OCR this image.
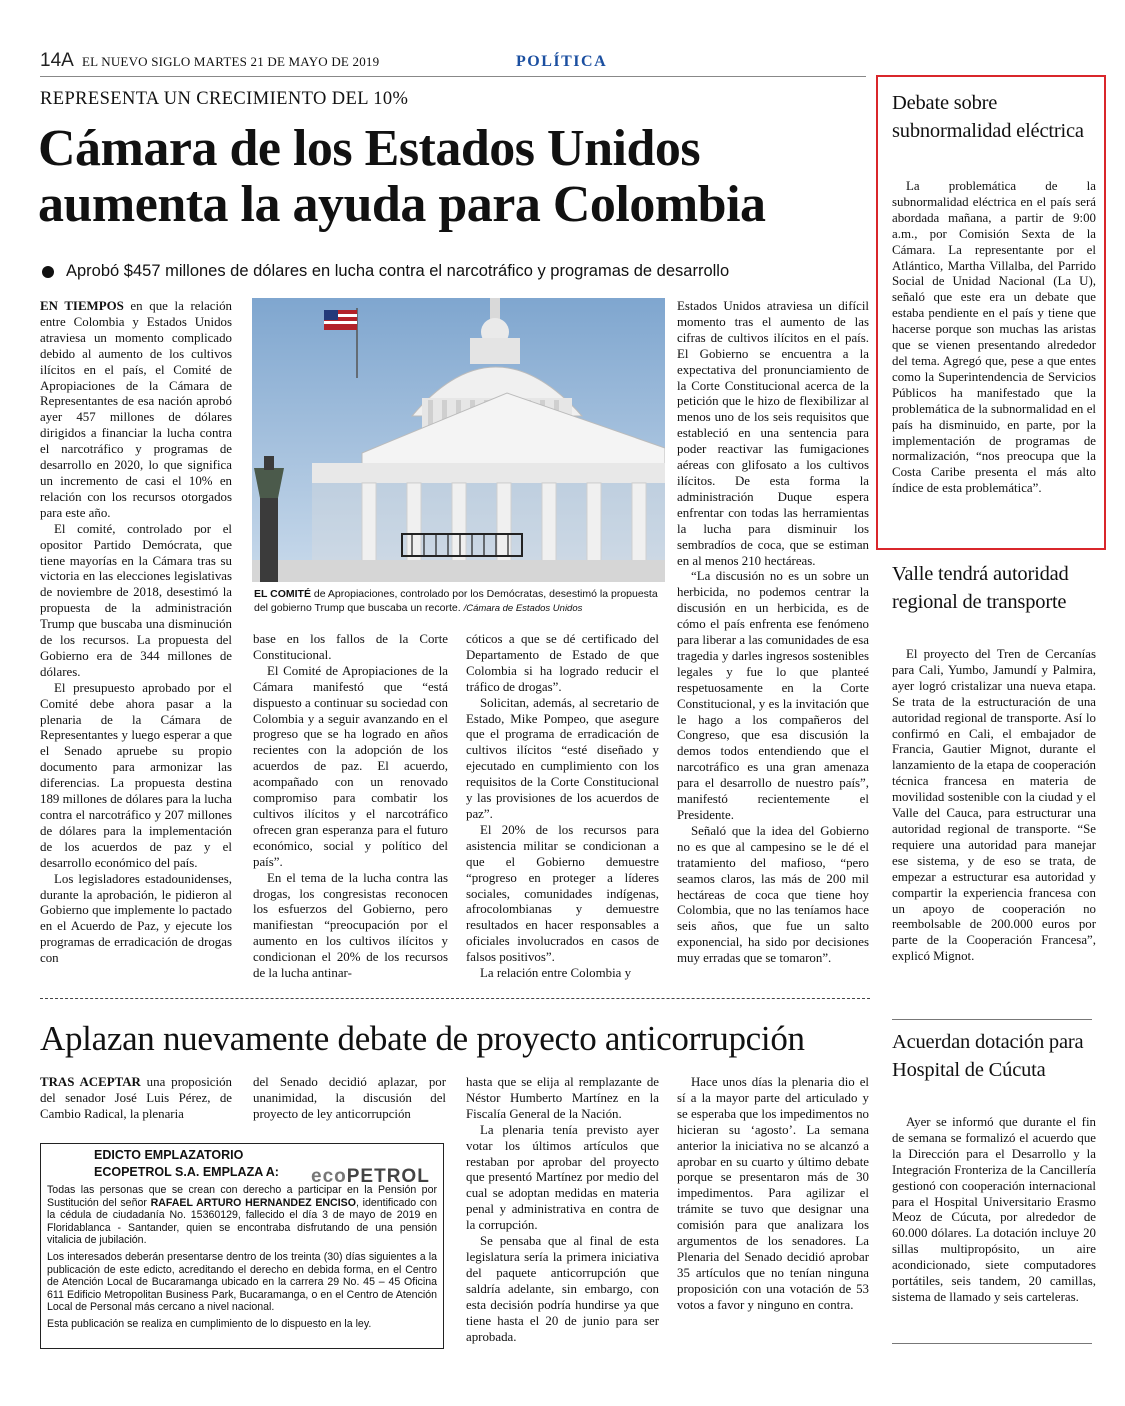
14A EL NUEVO SIGLO MARTES 21 DE MAYO DE 2019	POLÍTICA
REPRESENTA UN CRECIMIENTO DEL 10%
Cámara de los Estados Unidos
aumenta la ayuda para Colombia
Aprobó $457 millones de dólares en lucha contra el narcotráfico y programas de desarrollo

EN TIEMPOS en que la relación entre Colombia y Estados Unidos atraviesa un momento complicado debido al aumento de los cultivos ilícitos en el país, el Comité de Apropiaciones de la Cámara de Representantes de esa nación aprobó ayer 457 millones de dólares dirigidos a financiar la lucha contra el narcotráfico y programas de desarrollo en 2020, lo que significa un incremento de casi el 10% en relación con los recursos otorgados para este año.

El comité, controlado por el opositor Partido Demócrata, que tiene mayorías en la Cámara tras su victoria en las elecciones legislativas de noviembre de 2018, desestimó la propuesta de la administración Trump que buscaba una disminución de los recursos. La propuesta del Gobierno era de 344 millones de dólares.

El presupuesto aprobado por el Comité debe ahora pasar a la plenaria de la Cámara de Representantes y luego esperar a que el Senado apruebe su propio documento para armonizar las diferencias. La propuesta destina 189 millones de dólares para la lucha contra el narcotráfico y 207 millones de dólares para la implementación de los acuerdos de paz y el desarrollo económico del país.

Los legisladores estadounidenses, durante la aprobación, le pidieron al Gobierno que implemente lo pactado en el Acuerdo de Paz, y ejecute los programas de erradicación de drogas con

EL COMITÉ de Apropiaciones, controlado por los Demócratas, desestimó la propuesta del gobierno Trump que buscaba un recorte. /Cámara de Estados Unidos

base en los fallos de la Corte Constitucional.

El Comité de Apropiaciones de la Cámara manifestó que “está dispuesto a continuar su sociedad con Colombia y a seguir avanzando en el progreso que se ha logrado en años recientes con la adopción de los acuerdos de paz. El acuerdo, acompañado con un renovado compromiso para combatir los cultivos ilícitos y el narcotráfico ofrecen gran esperanza para el futuro económico, social y político del país”.

En el tema de la lucha contra las drogas, los congresistas reconocen los esfuerzos del Gobierno, pero manifiestan “preocupación por el aumento en los cultivos ilícitos y condicionan el 20% de los recursos de la lucha antinar-

cóticos a que se dé certificado del Departamento de Estado de que Colombia si ha logrado reducir el tráfico de drogas”.

Solicitan, además, al secretario de Estado, Mike Pompeo, que asegure que el programa de erradicación de cultivos ilícitos “esté diseñado y ejecutado en cumplimiento con los requisitos de la Corte Constitucional y las provisiones de los acuerdos de paz”.

El 20% de los recursos para asistencia militar se condicionan a que el Gobierno demuestre “progreso en proteger a líderes sociales, comunidades indígenas, afrocolombianas y demuestre resultados en hacer responsables a oficiales involucrados en casos de falsos positivos”.

La relación entre Colombia y

Estados Unidos atraviesa un difícil momento tras el aumento de las cifras de cultivos ilícitos en el país. El Gobierno se encuentra a la expectativa del pronunciamiento de la Corte Constitucional acerca de la petición que le hizo de flexibilizar al menos uno de los seis requisitos que estableció en una sentencia para poder reactivar las fumigaciones aéreas con glifosato a los cultivos ilícitos. De esta forma la administración Duque espera enfrentar con todas las herramientas la lucha para disminuir los sembradíos de coca, que se estiman en al menos 210 hectáreas.

“La discusión no es un sobre un herbicida, no podemos centrar la discusión en un herbicida, es de cómo el país enfrenta ese fenómeno para liberar a las comunidades de esa tragedia y darles ingresos sostenibles legales y fue lo que planteé respetuosamente en la Corte Constitucional, y es la invitación que le hago a los compañeros del Congreso, que esa discusión la demos todos entendiendo que el narcotráfico es una gran amenaza para el desarrollo de nuestro país”, manifestó recientemente el Presidente.

Señaló que la idea del Gobierno no es que al campesino se le dé el tratamiento del mafioso, “pero seamos claros, las más de 200 mil hectáreas de coca que tiene hoy Colombia, que no las teníamos hace seis años, que fue un salto exponencial, ha sido por decisiones muy erradas que se tomaron”.

Aplazan nuevamente debate de proyecto anticorrupción

TRAS ACEPTAR una proposición del senador José Luis Pérez, de Cambio Radical, la plenaria

del Senado decidió aplazar, por unanimidad, la discusión del proyecto de ley anticorrupción

hasta que se elija al remplazante de Néstor Humberto Martínez en la Fiscalía General de la Nación.

La plenaria tenía previsto ayer votar los últimos artículos que restaban por aprobar del proyecto que presentó Martínez por medio del cual se adoptan medidas en materia penal y administrativa en contra de la corrupción.

Se pensaba que al final de esta legislatura sería la primera iniciativa del paquete anticorrupción que saldría adelante, sin embargo, con esta decisión podría hundirse ya que tiene hasta el 20 de junio para ser aprobada.

Hace unos días la plenaria dio el sí a la mayor parte del articulado y se esperaba que los impedimentos no hicieran su ‘agosto’. La semana anterior la iniciativa no se alcanzó a aprobar en su cuarto y último debate porque se presentaron más de 30 impedimentos. Para agilizar el trámite se tuvo que designar una comisión para que analizara los argumentos de los senadores. La Plenaria del Senado decidió aprobar 35 artículos que no tenían ninguna proposición con una votación de 53 votos a favor y ninguno en contra.

EDICTO EMPLAZATORIO
ECOPETROL S.A. EMPLAZA A:	ecoPETROL
Todas las personas que se crean con derecho a participar en la Pensión por Sustitución del señor RAFAEL ARTURO HERNANDEZ ENCISO, identificado con la cédula de ciudadanía No. 15360129, fallecido el día 3 de mayo de 2019 en Floridablanca - Santander, quien se encontraba disfrutando de una pensión vitalicia de jubilación.
Los interesados deberán presentarse dentro de los treinta (30) días siguientes a la publicación de este edicto, acreditando el derecho en debida forma, en el Centro de Atención Local de Bucaramanga ubicado en la carrera 29 No. 45 – 45 Oficina 611 Edificio Metropolitan Business Park, Bucaramanga, o en el Centro de Atención Local de Personal más cercano a nivel nacional.
Esta publicación se realiza en cumplimiento de lo dispuesto en la ley.
Debate sobre subnormalidad eléctrica

La problemática de la subnormalidad eléctrica en el país será abordada mañana, a partir de 9:00 a.m., por Comisión Sexta de la Cámara. La representante por el Atlántico, Martha Villalba, del Parrido Social de Unidad Nacional (La U), señaló que este era un debate que estaba pendiente en el país y tiene que hacerse porque son muchas las aristas que se vienen presentando alrededor del tema. Agregó que, pese a que entes como la Superintendencia de Servicios Públicos ha manifestado que la problemática de la subnormalidad en el país ha disminuido, en parte, por la implementación de programas de normalización, “nos preocupa que la Costa Caribe presenta el más alto índice de esta problemática”.

Valle tendrá autoridad regional de transporte

El proyecto del Tren de Cercanías para Cali, Yumbo, Jamundí y Palmira, ayer logró cristalizar una nueva etapa. Se trata de la estructuración de una autoridad regional de transporte. Así lo confirmó en Cali, el embajador de Francia, Gautier Mignot, durante el lanzamiento de la etapa de cooperación técnica francesa en materia de movilidad sostenible con la ciudad y el Valle del Cauca, para estructurar una autoridad regional de transporte. “Se requiere una autoridad para manejar ese sistema, y de eso se trata, de empezar a estructurar esa autoridad y compartir la experiencia francesa con un apoyo de cooperación no reembolsable de 200.000 euros por parte de la Cooperación Francesa”, explicó Mignot.

Acuerdan dotación para Hospital de Cúcuta

Ayer se informó que durante el fin de semana se formalizó el acuerdo que la Dirección para el Desarrollo y la Integración Fronteriza de la Cancillería gestionó con cooperación internacional para el Hospital Universitario Erasmo Meoz de Cúcuta, por alrededor de 60.000 dólares. La dotación incluye 20 sillas multipropósito, un aire acondicionado, siete computadores portátiles, seis tandem, 20 camillas, sistema de llamado y seis carteleras.
